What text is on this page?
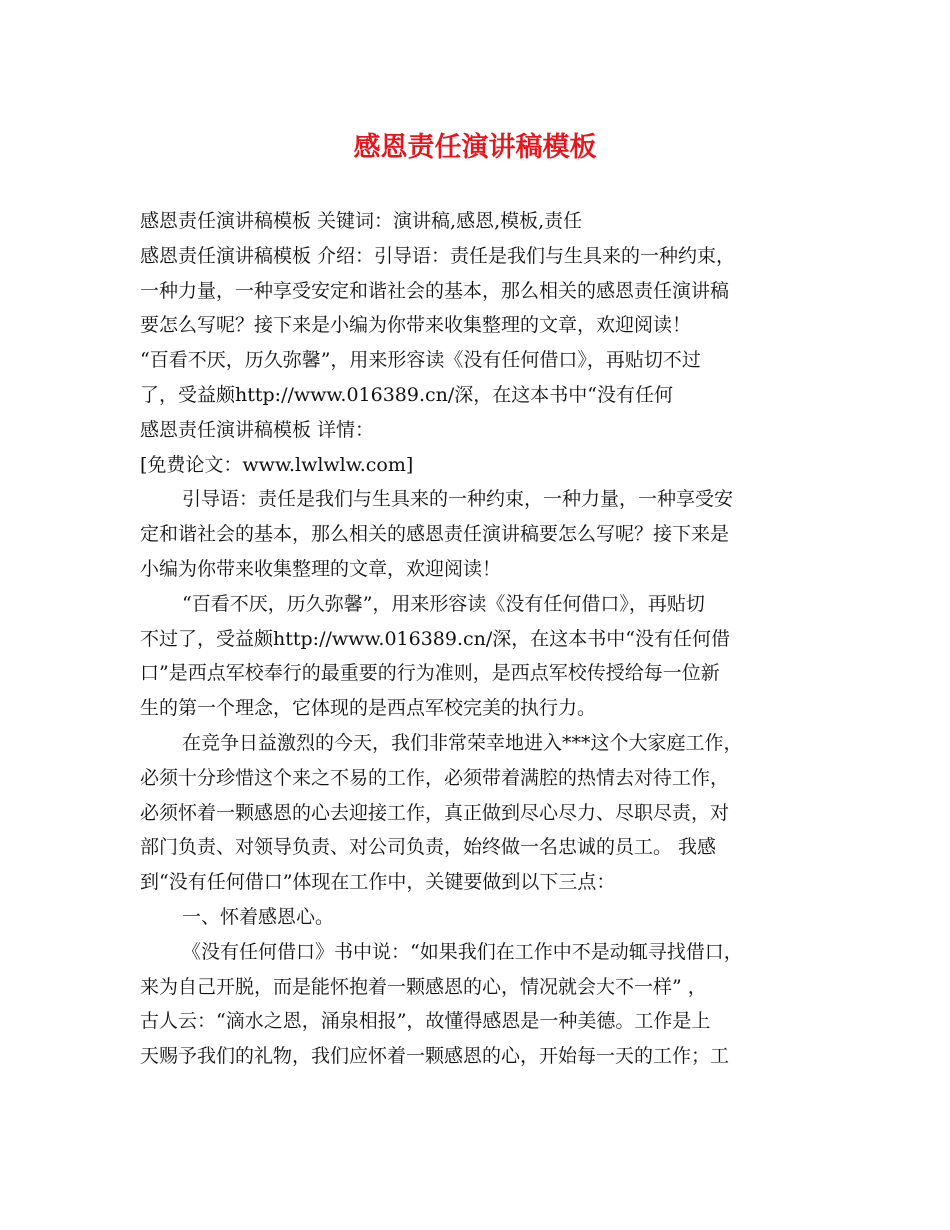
感恩责任演讲稿模板
感恩责任演讲稿模板 关键词：演讲稿,感恩,模板,责任
感恩责任演讲稿模板 介绍：引导语：责任是我们与生具来的一种约束，
一种力量，一种享受安定和谐社会的基本，那么相关的感恩责任演讲稿
要怎么写呢？接下来是小编为你带来收集整理的文章，欢迎阅读！
“百看不厌，历久弥馨”，用来形容读《没有任何借口》，再贴切不过
了，受益颇http://www.016389.cn/深，在这本书中“没有任何
感恩责任演讲稿模板 详情：
[免费论文：www.lwlwlw.com]
引导语：责任是我们与生具来的一种约束，一种力量，一种享受安
定和谐社会的基本，那么相关的感恩责任演讲稿要怎么写呢？接下来是
小编为你带来收集整理的文章，欢迎阅读！
“百看不厌，历久弥馨”，用来形容读《没有任何借口》，再贴切
不过了，受益颇http://www.016389.cn/深，在这本书中“没有任何借
口”是西点军校奉行的最重要的行为准则，是西点军校传授给每一位新
生的第一个理念，它体现的是西点军校完美的执行力。
在竞争日益激烈的今天，我们非常荣幸地进入***这个大家庭工作，
必须十分珍惜这个来之不易的工作，必须带着满腔的热情去对待工作，
必须怀着一颗感恩的心去迎接工作，真正做到尽心尽力、尽职尽责，对
部门负责、对领导负责、对公司负责，始终做一名忠诚的员工。 我感
到“没有任何借口”体现在工作中，关键要做到以下三点：
一、怀着感恩心。
《没有任何借口》书中说：“如果我们在工作中不是动辄寻找借口，
来为自己开脱，而是能怀抱着一颗感恩的心，情况就会大不一样” ，
古人云：“滴水之恩，涌泉相报”，故懂得感恩是一种美德。工作是上
天赐予我们的礼物，我们应怀着一颗感恩的心，开始每一天的工作；工
